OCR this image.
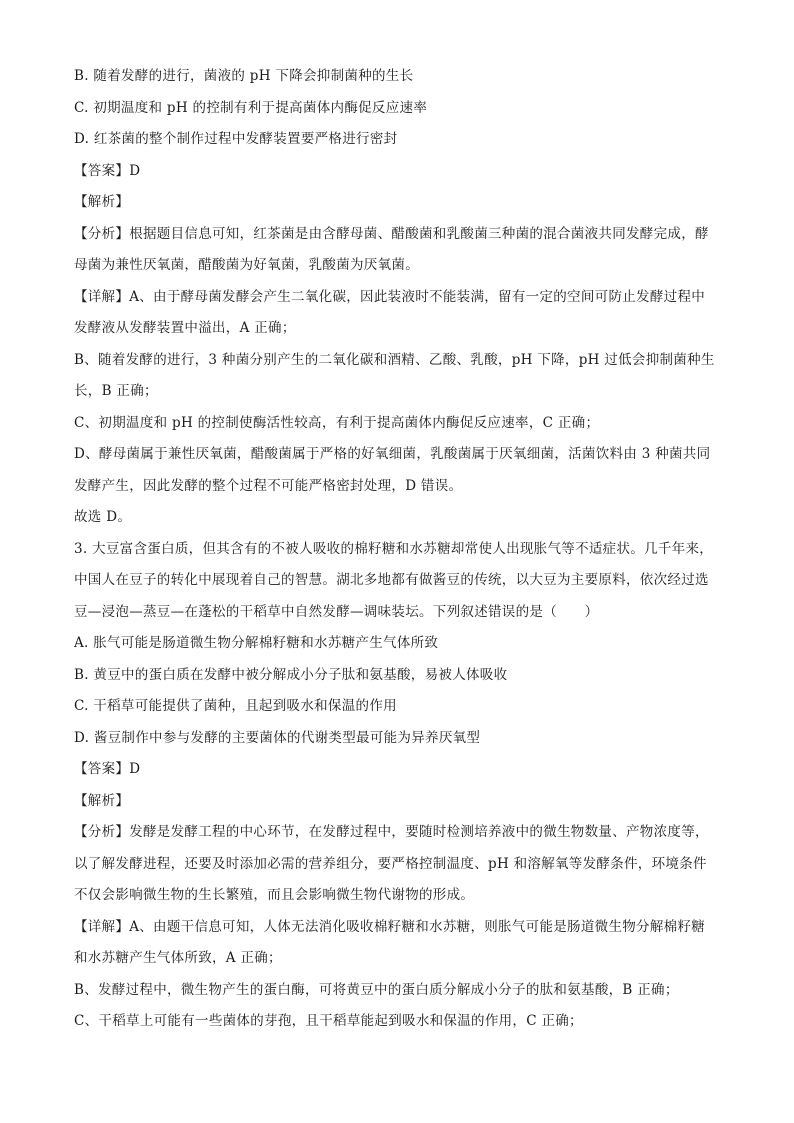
B. 随着发酵的进行，菌液的 pH 下降会抑制菌种的生长
C. 初期温度和 pH 的控制有利于提高菌体内酶促反应速率
D. 红茶菌的整个制作过程中发酵装置要严格进行密封
【答案】D
【解析】
【分析】根据题目信息可知，红茶菌是由含酵母菌、醋酸菌和乳酸菌三种菌的混合菌液共同发酵完成，酵
母菌为兼性厌氧菌，醋酸菌为好氧菌，乳酸菌为厌氧菌。
【详解】A、由于酵母菌发酵会产生二氧化碳，因此装液时不能装满，留有一定的空间可防止发酵过程中
发酵液从发酵装置中溢出，A 正确；
B、随着发酵的进行，3 种菌分别产生的二氧化碳和酒精、乙酸、乳酸，pH 下降，pH 过低会抑制菌种生
长，B 正确；
C、初期温度和 pH 的控制使酶活性较高，有利于提高菌体内酶促反应速率，C 正确；
D、酵母菌属于兼性厌氧菌，醋酸菌属于严格的好氧细菌，乳酸菌属于厌氧细菌，活菌饮料由 3 种菌共同
发酵产生，因此发酵的整个过程不可能严格密封处理，D 错误。
故选 D。
3. 大豆富含蛋白质，但其含有的不被人吸收的棉籽糖和水苏糖却常使人出现胀气等不适症状。几千年来，
中国人在豆子的转化中展现着自己的智慧。湖北多地都有做酱豆的传统，以大豆为主要原料，依次经过选
豆—浸泡—蒸豆—在蓬松的干稻草中自然发酵—调味装坛。下列叙述错误的是（　　）
A. 胀气可能是肠道微生物分解棉籽糖和水苏糖产生气体所致
B. 黄豆中的蛋白质在发酵中被分解成小分子肽和氨基酸，易被人体吸收
C. 干稻草可能提供了菌种，且起到吸水和保温的作用
D. 酱豆制作中参与发酵的主要菌体的代谢类型最可能为异养厌氧型
【答案】D
【解析】
【分析】发酵是发酵工程的中心环节，在发酵过程中，要随时检测培养液中的微生物数量、产物浓度等，
以了解发酵进程，还要及时添加必需的营养组分，要严格控制温度、pH 和溶解氧等发酵条件，环境条件
不仅会影响微生物的生长繁殖，而且会影响微生物代谢物的形成。
【详解】A、由题干信息可知，人体无法消化吸收棉籽糖和水苏糖，则胀气可能是肠道微生物分解棉籽糖
和水苏糖产生气体所致，A 正确；
B、发酵过程中，微生物产生的蛋白酶，可将黄豆中的蛋白质分解成小分子的肽和氨基酸，B 正确；
C、干稻草上可能有一些菌体的芽孢，且干稻草能起到吸水和保温的作用，C 正确；
